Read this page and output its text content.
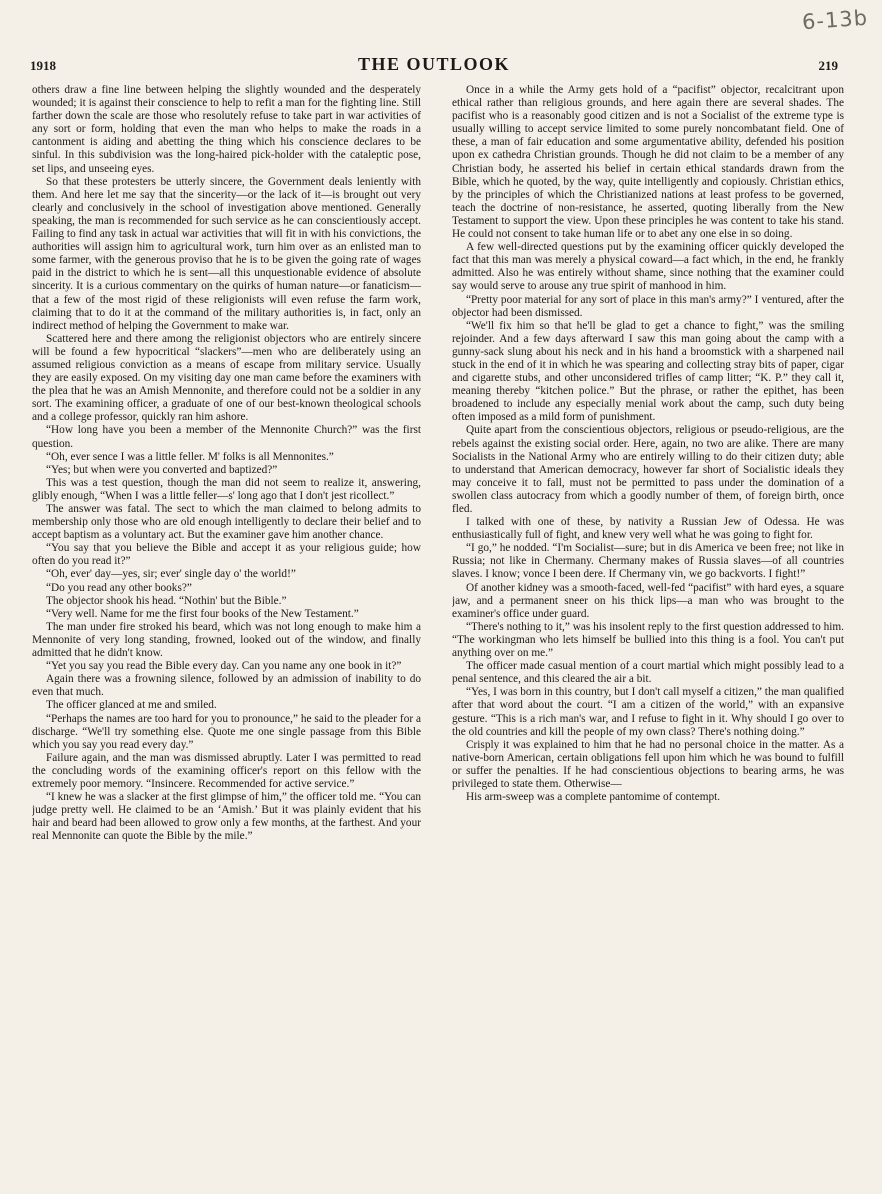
6-13b
1918	THE OUTLOOK	219

others draw a fine line between helping the slightly wounded and the desperately wounded; it is against their conscience to help to refit a man for the fighting line. Still farther down the scale are those who resolutely refuse to take part in war activities of any sort or form, holding that even the man who helps to make the roads in a cantonment is aiding and abetting the thing which his conscience declares to be sinful. In this subdivision was the long-haired pick-holder with the cataleptic pose, set lips, and unseeing eyes.

So that these protesters be utterly sincere, the Government deals leniently with them. And here let me say that the sincerity—or the lack of it—is brought out very clearly and conclusively in the school of investigation above mentioned. Generally speaking, the man is recommended for such service as he can conscientiously accept. Failing to find any task in actual war activities that will fit in with his convictions, the authorities will assign him to agricultural work, turn him over as an enlisted man to some farmer, with the generous proviso that he is to be given the going rate of wages paid in the district to which he is sent—all this unquestionable evidence of absolute sincerity. It is a curious commentary on the quirks of human nature—or fanaticism—that a few of the most rigid of these religionists will even refuse the farm work, claiming that to do it at the command of the military authorities is, in fact, only an indirect method of helping the Government to make war.

Scattered here and there among the religionist objectors who are entirely sincere will be found a few hypocritical “slackers”—men who are deliberately using an assumed religious conviction as a means of escape from military service. Usually they are easily exposed. On my visiting day one man came before the examiners with the plea that he was an Amish Mennonite, and therefore could not be a soldier in any sort. The examining officer, a graduate of one of our best-known theological schools and a college professor, quickly ran him ashore.

“How long have you been a member of the Mennonite Church?” was the first question.

“Oh, ever sence I was a little feller. M' folks is all Mennonites.”

“Yes; but when were you converted and baptized?”

This was a test question, though the man did not seem to realize it, answering, glibly enough, “When I was a little feller—s' long ago that I don't jest ricollect.”

The answer was fatal. The sect to which the man claimed to belong admits to membership only those who are old enough intelligently to declare their belief and to accept baptism as a voluntary act. But the examiner gave him another chance.

“You say that you believe the Bible and accept it as your religious guide; how often do you read it?”

“Oh, ever' day—yes, sir; ever' single day o' the world!”

“Do you read any other books?”

The objector shook his head. “Nothin' but the Bible.”

“Very well. Name for me the first four books of the New Testament.”

The man under fire stroked his beard, which was not long enough to make him a Mennonite of very long standing, frowned, looked out of the window, and finally admitted that he didn't know.

“Yet you say you read the Bible every day. Can you name any one book in it?”

Again there was a frowning silence, followed by an admission of inability to do even that much.

The officer glanced at me and smiled.

“Perhaps the names are too hard for you to pronounce,” he said to the pleader for a discharge. “We'll try something else. Quote me one single passage from this Bible which you say you read every day.”

Failure again, and the man was dismissed abruptly. Later I was permitted to read the concluding words of the examining officer's report on this fellow with the extremely poor memory. “Insincere. Recommended for active service.”

“I knew he was a slacker at the first glimpse of him,” the officer told me. “You can judge pretty well. He claimed to be an ‘Amish.’ But it was plainly evident that his hair and beard had been allowed to grow only a few months, at the farthest. And your real Mennonite can quote the Bible by the mile.”

Once in a while the Army gets hold of a “pacifist” objector, recalcitrant upon ethical rather than religious grounds, and here again there are several shades. The pacifist who is a reasonably good citizen and is not a Socialist of the extreme type is usually willing to accept service limited to some purely noncombatant field. One of these, a man of fair education and some argumentative ability, defended his position upon ex cathedra Christian grounds. Though he did not claim to be a member of any Christian body, he asserted his belief in certain ethical standards drawn from the Bible, which he quoted, by the way, quite intelligently and copiously. Christian ethics, by the principles of which the Christianized nations at least profess to be governed, teach the doctrine of non-resistance, he asserted, quoting liberally from the New Testament to support the view. Upon these principles he was content to take his stand. He could not consent to take human life or to abet any one else in so doing.

A few well-directed questions put by the examining officer quickly developed the fact that this man was merely a physical coward—a fact which, in the end, he frankly admitted. Also he was entirely without shame, since nothing that the examiner could say would serve to arouse any true spirit of manhood in him.

“Pretty poor material for any sort of place in this man's army?” I ventured, after the objector had been dismissed.

“We'll fix him so that he'll be glad to get a chance to fight,” was the smiling rejoinder. And a few days afterward I saw this man going about the camp with a gunny-sack slung about his neck and in his hand a broomstick with a sharpened nail stuck in the end of it in which he was spearing and collecting stray bits of paper, cigar and cigarette stubs, and other unconsidered trifles of camp litter; “K. P.” they call it, meaning thereby “kitchen police.” But the phrase, or rather the epithet, has been broadened to include any especially menial work about the camp, such duty being often imposed as a mild form of punishment.

Quite apart from the conscientious objectors, religious or pseudo-religious, are the rebels against the existing social order. Here, again, no two are alike. There are many Socialists in the National Army who are entirely willing to do their citizen duty; able to understand that American democracy, however far short of Socialistic ideals they may conceive it to fall, must not be permitted to pass under the domination of a swollen class autocracy from which a goodly number of them, of foreign birth, once fled.

I talked with one of these, by nativity a Russian Jew of Odessa. He was enthusiastically full of fight, and knew very well what he was going to fight for.

“I go,” he nodded. “I'm Socialist—sure; but in dis America ve been free; not like in Russia; not like in Chermany. Chermany makes of Russia slaves—of all countries slaves. I know; vonce I been dere. If Chermany vin, we go backvorts. I fight!”

Of another kidney was a smooth-faced, well-fed “pacifist” with hard eyes, a square jaw, and a permanent sneer on his thick lips—a man who was brought to the examiner's office under guard.

“There's nothing to it,” was his insolent reply to the first question addressed to him. “The workingman who lets himself be bullied into this thing is a fool. You can't put anything over on me.”

The officer made casual mention of a court martial which might possibly lead to a penal sentence, and this cleared the air a bit.

“Yes, I was born in this country, but I don't call myself a citizen,” the man qualified after that word about the court. “I am a citizen of the world,” with an expansive gesture. “This is a rich man's war, and I refuse to fight in it. Why should I go over to the old countries and kill the people of my own class? There's nothing doing.”

Crisply it was explained to him that he had no personal choice in the matter. As a native-born American, certain obligations fell upon him which he was bound to fulfill or suffer the penalties. If he had conscientious objections to bearing arms, he was privileged to state them. Otherwise—

His arm-sweep was a complete pantomime of contempt.
